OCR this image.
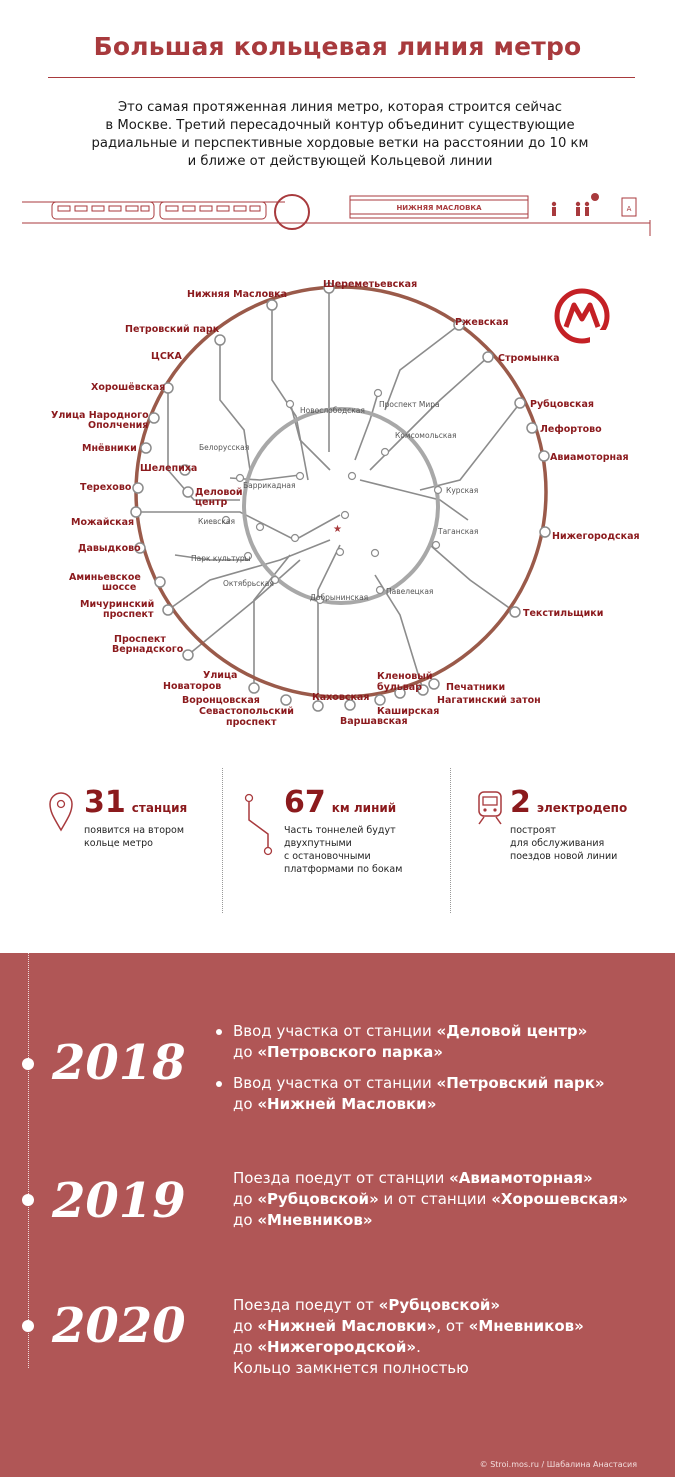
Большая кольцевая линия метро
Это самая протяженная линия метро, которая строится сейчас
в Москве. Третий пересадочный контур объединит существующие
радиальные и перспективные хордовые ветки на расстоянии до 10 км
и ближе от действующей Кольцевой линии
НИЖНЯЯ МАСЛОВКА	А
★
Шереметьевская
Ржевская
Стромынка
Рубцовская
Лефортово
Авиамоторная
Нижегородская
Текстильщики
Печатники
Нагатинский затон
Кленовый
бульвар
Каширская
Варшавская
Каховская
Севастопольский
проспект
Воронцовская
Улица
Новаторов
Проспект
Вернадского
Мичуринский
проспект
Аминьевское
шоссе
Давыдково
Можайская
Терехово
Шелепиха
Деловой
центр
Мнёвники
Улица Народного
Ополчения
Хорошёвская
ЦСКА
Петровский парк
Нижняя Масловка
Новослободская
Проспект Мира
Комсомольская
Курская
Таганская
Павелецкая
Добрынинская
Октябрьская
Парк культуры
Киевская
Баррикадная
Белорусская
31 станция
появится на втором
кольце метро
67 км линий
Часть тоннелей будут
двухпутными
с остановочными
платформами по бокам
2 электродепо
построят
для обслуживания
поездов новой линии
2018
Ввод участка от станции «Деловой центр»
до «Петровского парка»
Ввод участка от станции «Петровский парк»
до «Нижней Масловки»
2019	Поезда поедут от станции «Авиамоторная»
до «Рубцовской» и от станции «Хорошевская»
до «Мневников»
2020	Поезда поедут от «Рубцовской»
до «Нижней Масловки», от «Мневников»
до «Нижегородской».
Кольцо замкнется полностью
© Stroi.mos.ru / Шабалина Анастасия
